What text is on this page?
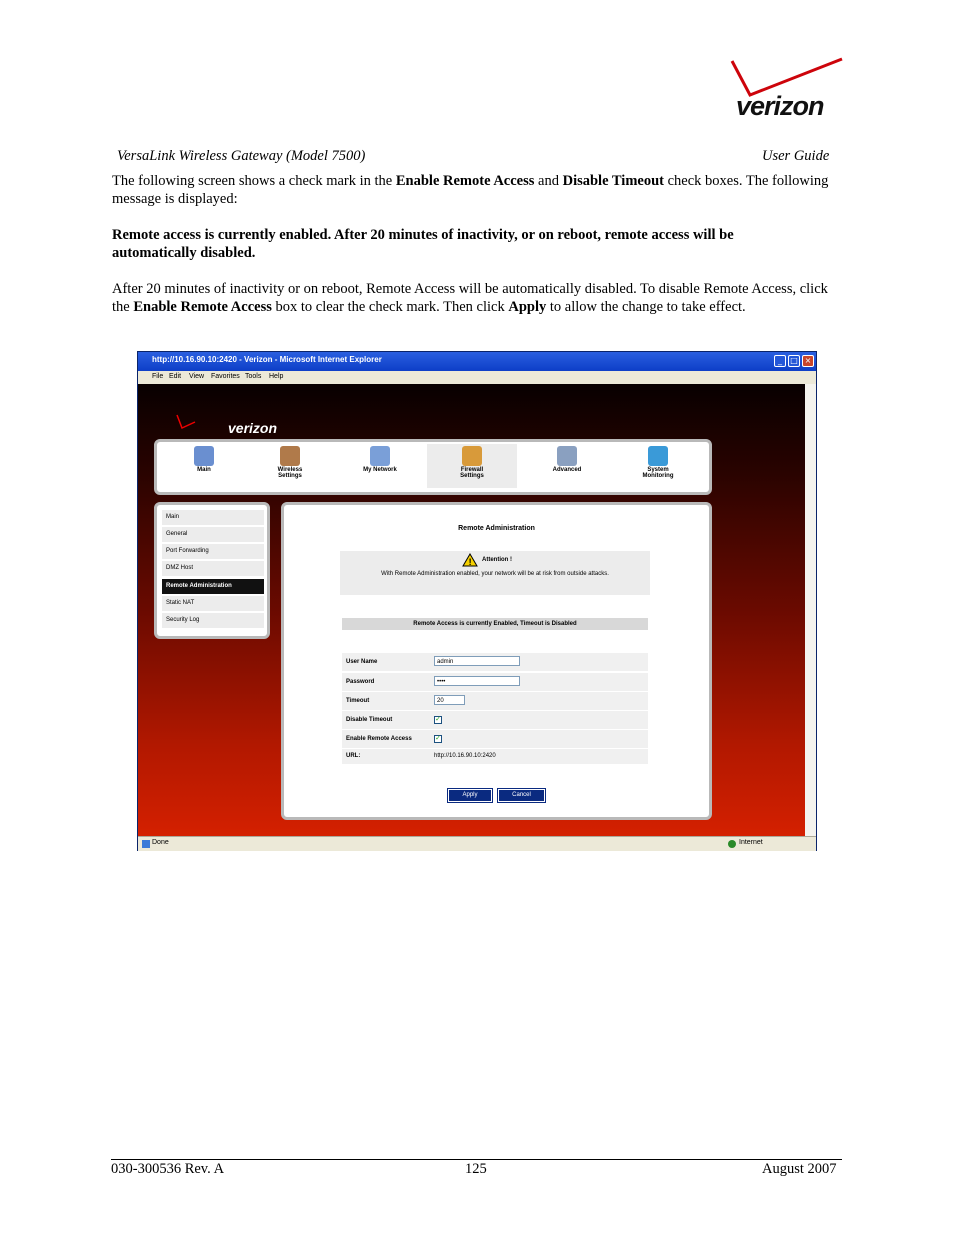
verizon
VersaLink Wireless Gateway (Model 7500)	User Guide
The following screen shows a check mark in the Enable Remote Access and Disable Timeout check boxes. The following message is displayed:
Remote access is currently enabled. After 20 minutes of inactivity, or on reboot, remote access will be automatically disabled.
After 20 minutes of inactivity or on reboot, Remote Access will be automatically disabled. To disable Remote Access, click the Enable Remote Access box to clear the check mark. Then click Apply to allow the change to take effect.
http://10.16.90.10:2420 - Verizon - Microsoft Internet Explorer	_	□ ×
File Edit View Favorites Tools Help
verizon
Main	Wireless
Settings
My Network	Firewall
Settings
Advanced	System
Monitoring
Main
General
Port Forwarding
DMZ Host
Remote Administration
Static NAT
Security Log
Remote Administration
! Attention !
With Remote Administration enabled, your network will be at risk from outside attacks.
Remote Access is currently Enabled, Timeout is Disabled
User Name	admin
Password	••••
Timeout	20
Disable Timeout	✓
Enable Remote Access	✓
URL:	http://10.16.90.10:2420
Apply	Cancel
Done	Internet
030-300536 Rev. A	125	August 2007
